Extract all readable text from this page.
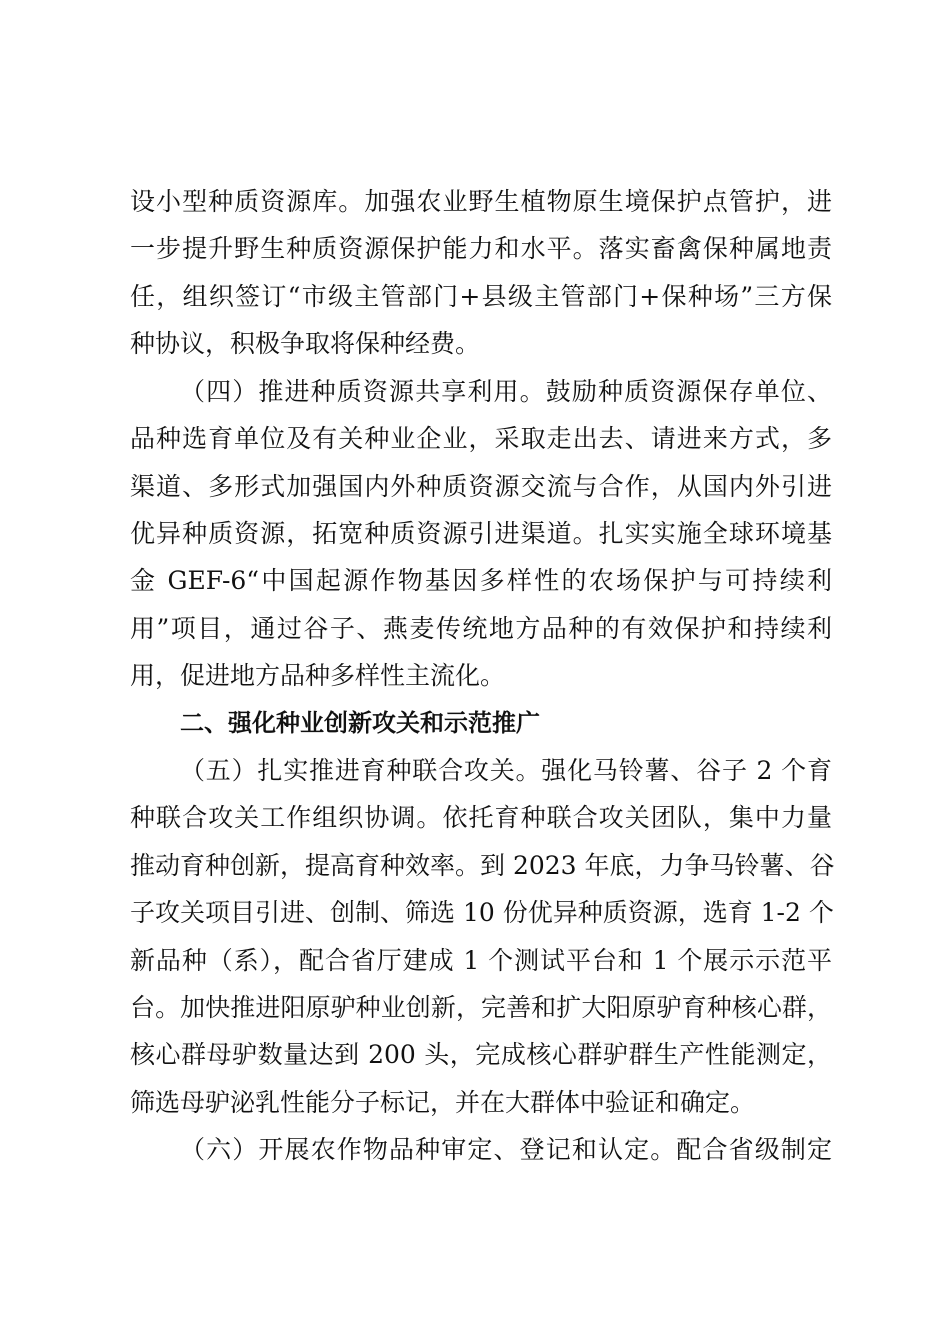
设小型种质资源库。加强农业野生植物原生境保护点管护，进
一步提升野生种质资源保护能力和水平。落实畜禽保种属地责
任，组织签订“市级主管部门+县级主管部门+保种场”三方保
种协议，积极争取将保种经费。
（四）推进种质资源共享利用。鼓励种质资源保存单位、
品种选育单位及有关种业企业，采取走出去、请进来方式，多
渠道、多形式加强国内外种质资源交流与合作，从国内外引进
优异种质资源，拓宽种质资源引进渠道。扎实实施全球环境基
金 GEF-6“中国起源作物基因多样性的农场保护与可持续利
用”项目，通过谷子、燕麦传统地方品种的有效保护和持续利
用，促进地方品种多样性主流化。
二、强化种业创新攻关和示范推广
（五）扎实推进育种联合攻关。强化马铃薯、谷子 2 个育
种联合攻关工作组织协调。依托育种联合攻关团队，集中力量
推动育种创新，提高育种效率。到 2023 年底，力争马铃薯、谷
子攻关项目引进、创制、筛选 10 份优异种质资源，选育 1-2 个
新品种（系），配合省厅建成 1 个测试平台和 1 个展示示范平
台。加快推进阳原驴种业创新，完善和扩大阳原驴育种核心群，
核心群母驴数量达到 200 头，完成核心群驴群生产性能测定，
筛选母驴泌乳性能分子标记，并在大群体中验证和确定。
（六）开展农作物品种审定、登记和认定。配合省级制定
